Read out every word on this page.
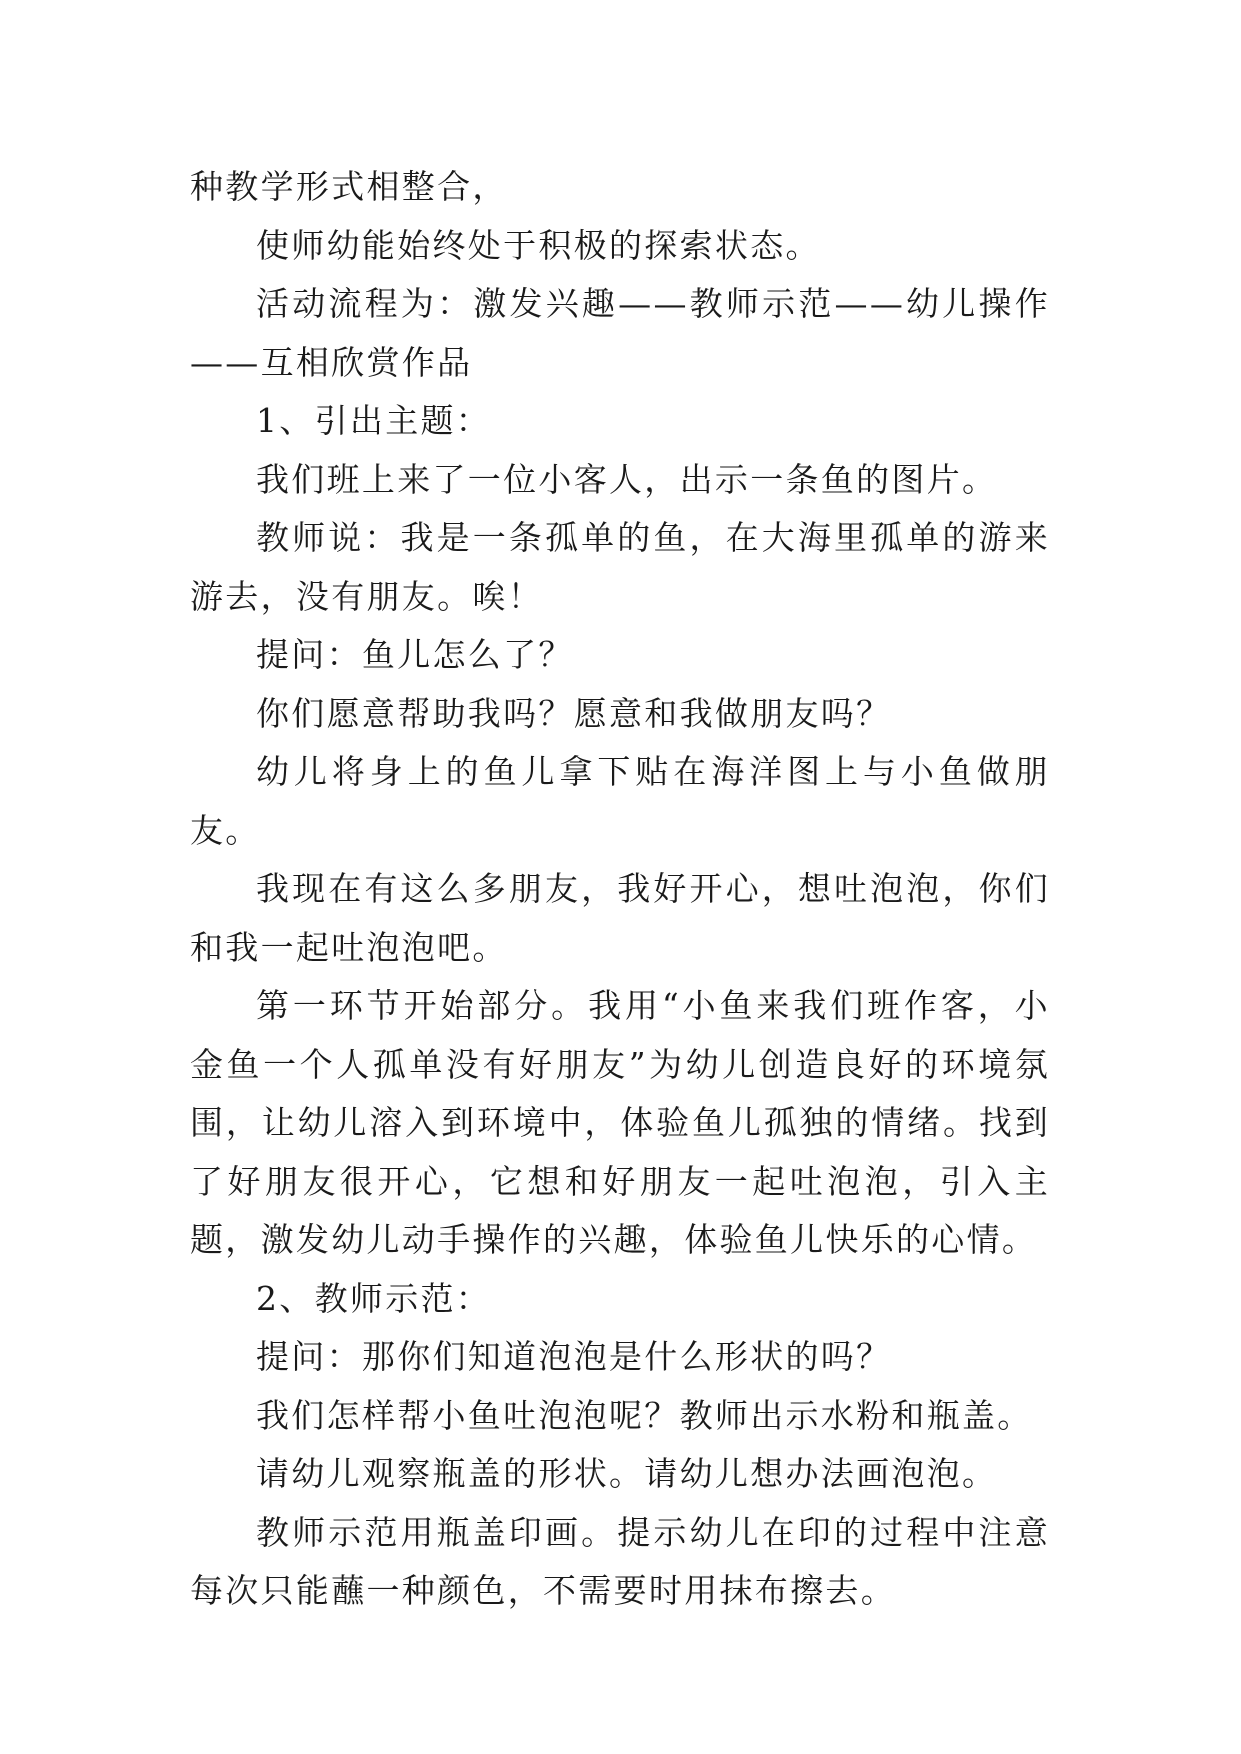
种教学形式相整合，

使师幼能始终处于积极的探索状态。

活动流程为：激发兴趣——教师示范——幼儿操作——互相欣赏作品

1、引出主题：

我们班上来了一位小客人，出示一条鱼的图片。

教师说：我是一条孤单的鱼，在大海里孤单的游来游去，没有朋友。唉！

提问：鱼儿怎么了？

你们愿意帮助我吗？愿意和我做朋友吗？

幼儿将身上的鱼儿拿下贴在海洋图上与小鱼做朋友。

我现在有这么多朋友，我好开心，想吐泡泡，你们和我一起吐泡泡吧。

第一环节开始部分。我用“小鱼来我们班作客，小金鱼一个人孤单没有好朋友”为幼儿创造良好的环境氛围，让幼儿溶入到环境中，体验鱼儿孤独的情绪。找到了好朋友很开心，它想和好朋友一起吐泡泡，引入主题，激发幼儿动手操作的兴趣，体验鱼儿快乐的心情。

2、教师示范：

提问：那你们知道泡泡是什么形状的吗？

我们怎样帮小鱼吐泡泡呢？教师出示水粉和瓶盖。

请幼儿观察瓶盖的形状。请幼儿想办法画泡泡。

教师示范用瓶盖印画。提示幼儿在印的过程中注意每次只能蘸一种颜色，不需要时用抹布擦去。
